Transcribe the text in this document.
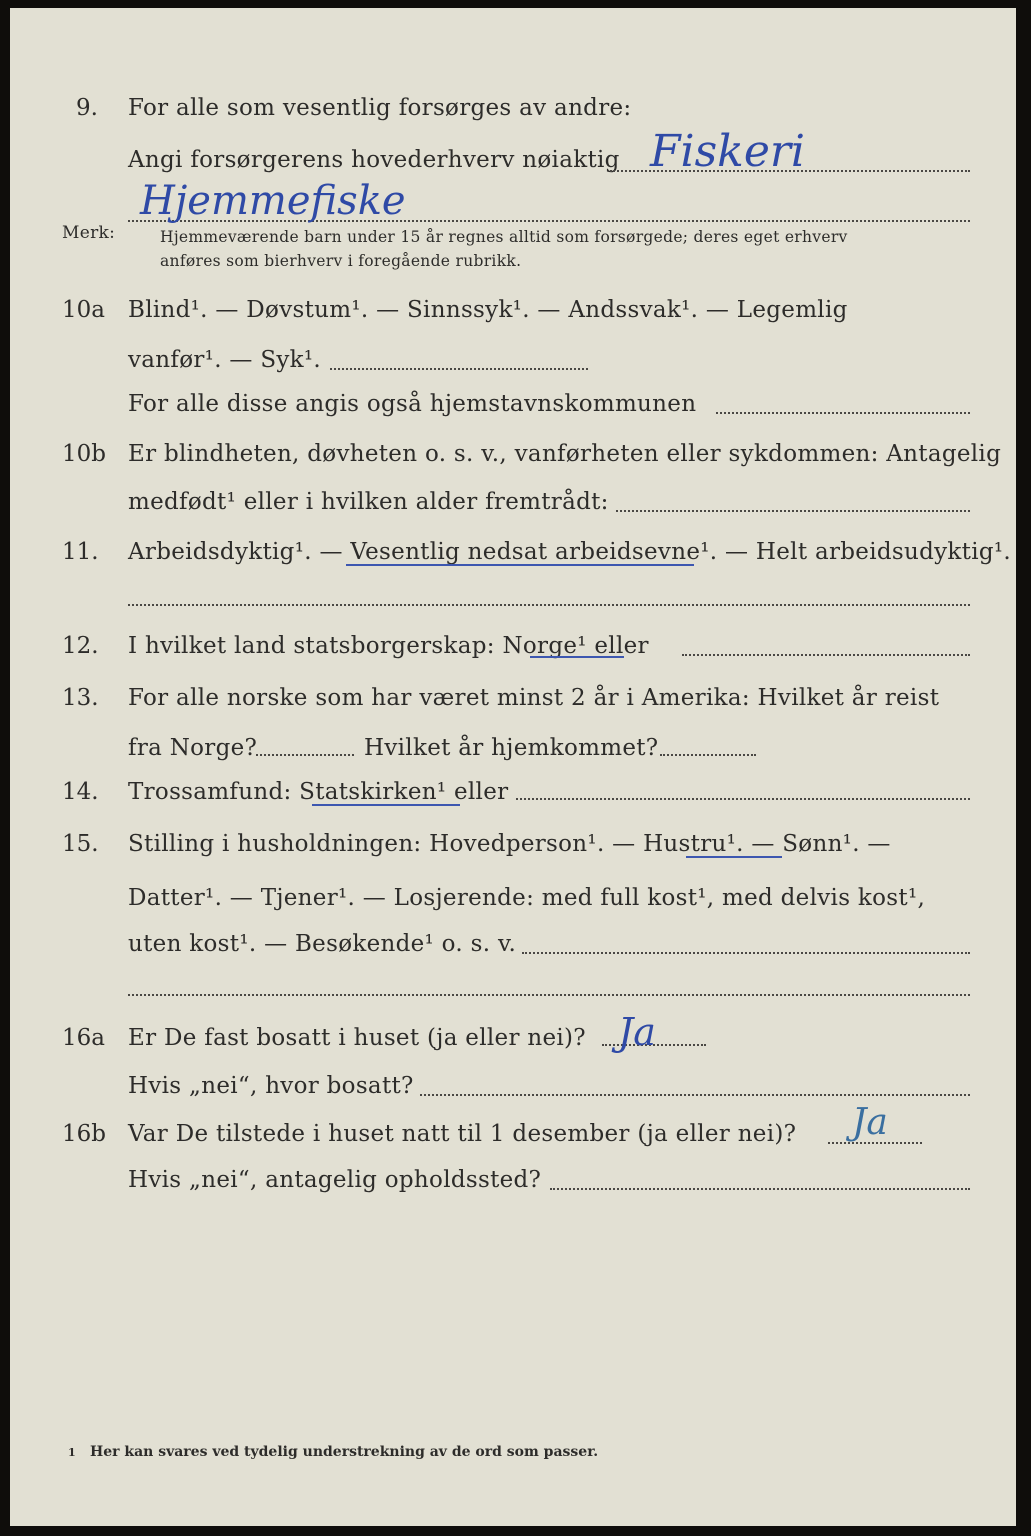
9. For alle som vesentlig forsørges av andre:
Angi forsørgerens hovederhverv nøiaktig Fiskeri
Hjemmefiske
Merk:	Hjemmeværende barn under 15 år regnes alltid som forsørgede; deres eget erhverv
anføres som bierhverv i foregående rubrikk.
10a Blind¹. — Døvstum¹. — Sinnssyk¹. — Andssvak¹. — Legemlig
vanfør¹. — Syk¹.
For alle disse angis også hjemstavnskommunen
10b Er blindheten, døvheten o. s. v., vanførheten eller sykdommen: Antagelig
medfødt¹ eller i hvilken alder fremtrådt:
11. Arbeidsdyktig¹. — Vesentlig nedsat arbeidsevne¹. — Helt arbeidsudyktig¹.
12. I hvilket land statsborgerskap: Norge¹ eller
13. For alle norske som har været minst 2 år i Amerika: Hvilket år reist
fra Norge?	Hvilket år hjemkommet?
14. Trossamfund: Statskirken¹ eller
15. Stilling i husholdningen: Hovedperson¹. — Hustru¹. — Sønn¹. —
Datter¹. — Tjener¹. — Losjerende: med full kost¹, med delvis kost¹,
uten kost¹. — Besøkende¹ o. s. v.
16a Er De fast bosatt i huset (ja eller nei)? Ja
Hvis „nei“, hvor bosatt?
16b Var De tilstede i huset natt til 1 desember (ja eller nei)? Ja
Hvis „nei“, antagelig opholdssted?
1 Her kan svares ved tydelig understrekning av de ord som passer.
